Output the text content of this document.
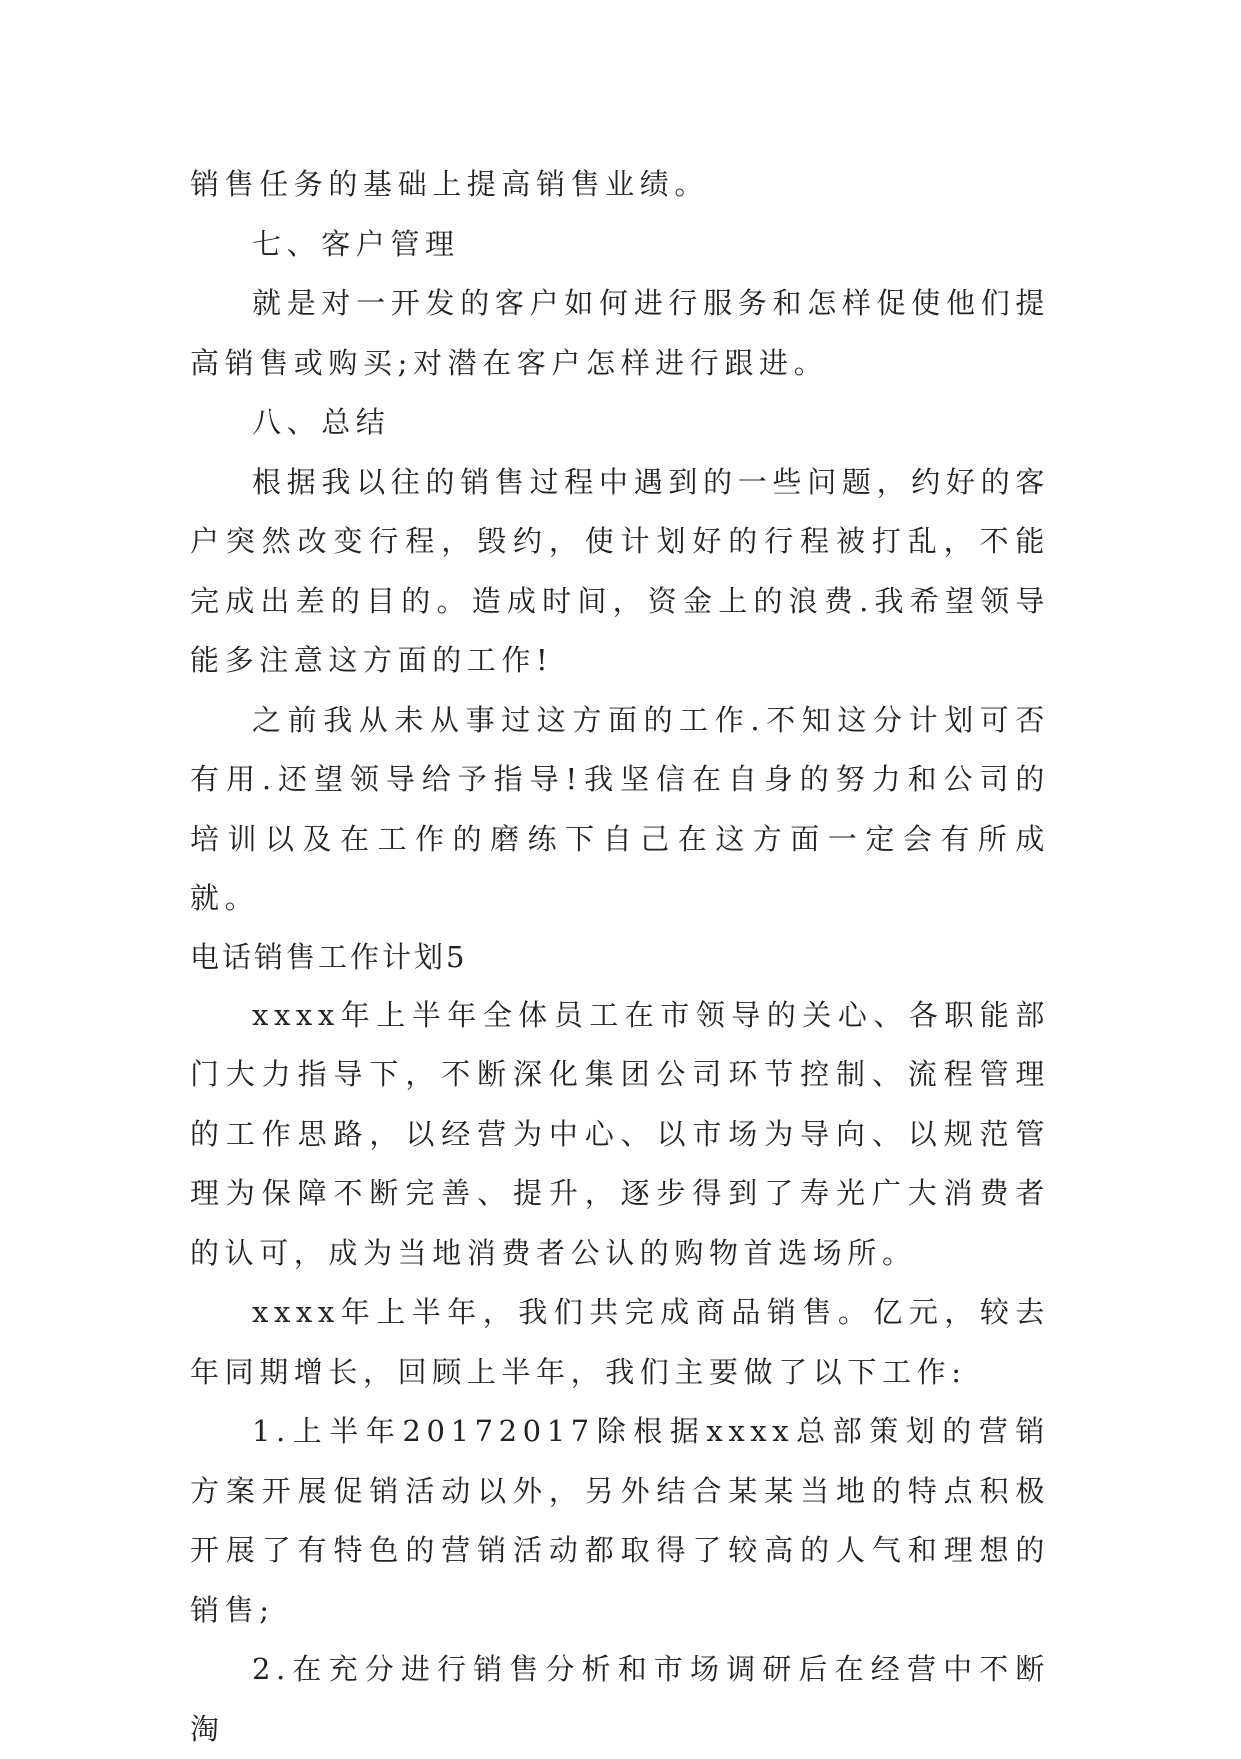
销售任务的基础上提高销售业绩。

七、客户管理

就是对一开发的客户如何进行服务和怎样促使他们提高销售或购买;对潜在客户怎样进行跟进。

八、总结

根据我以往的销售过程中遇到的一些问题，约好的客户突然改变行程，毁约，使计划好的行程被打乱，不能完成出差的目的。造成时间，资金上的浪费.我希望领导能多注意这方面的工作!

之前我从未从事过这方面的工作.不知这分计划可否有用.还望领导给予指导!我坚信在自身的努力和公司的培训以及在工作的磨练下自己在这方面一定会有所成就。

电话销售工作计划5

xxxx年上半年全体员工在市领导的关心、各职能部门大力指导下，不断深化集团公司环节控制、流程管理的工作思路，以经营为中心、以市场为导向、以规范管理为保障不断完善、提升，逐步得到了寿光广大消费者的认可，成为当地消费者公认的购物首选场所。

xxxx年上半年，我们共完成商品销售。亿元，较去年同期增长，回顾上半年，我们主要做了以下工作:

1.上半年20172017除根据xxxx总部策划的营销方案开展促销活动以外，另外结合某某当地的特点积极开展了有特色的营销活动都取得了较高的人气和理想的销售;

2.在充分进行销售分析和市场调研后在经营中不断淘
